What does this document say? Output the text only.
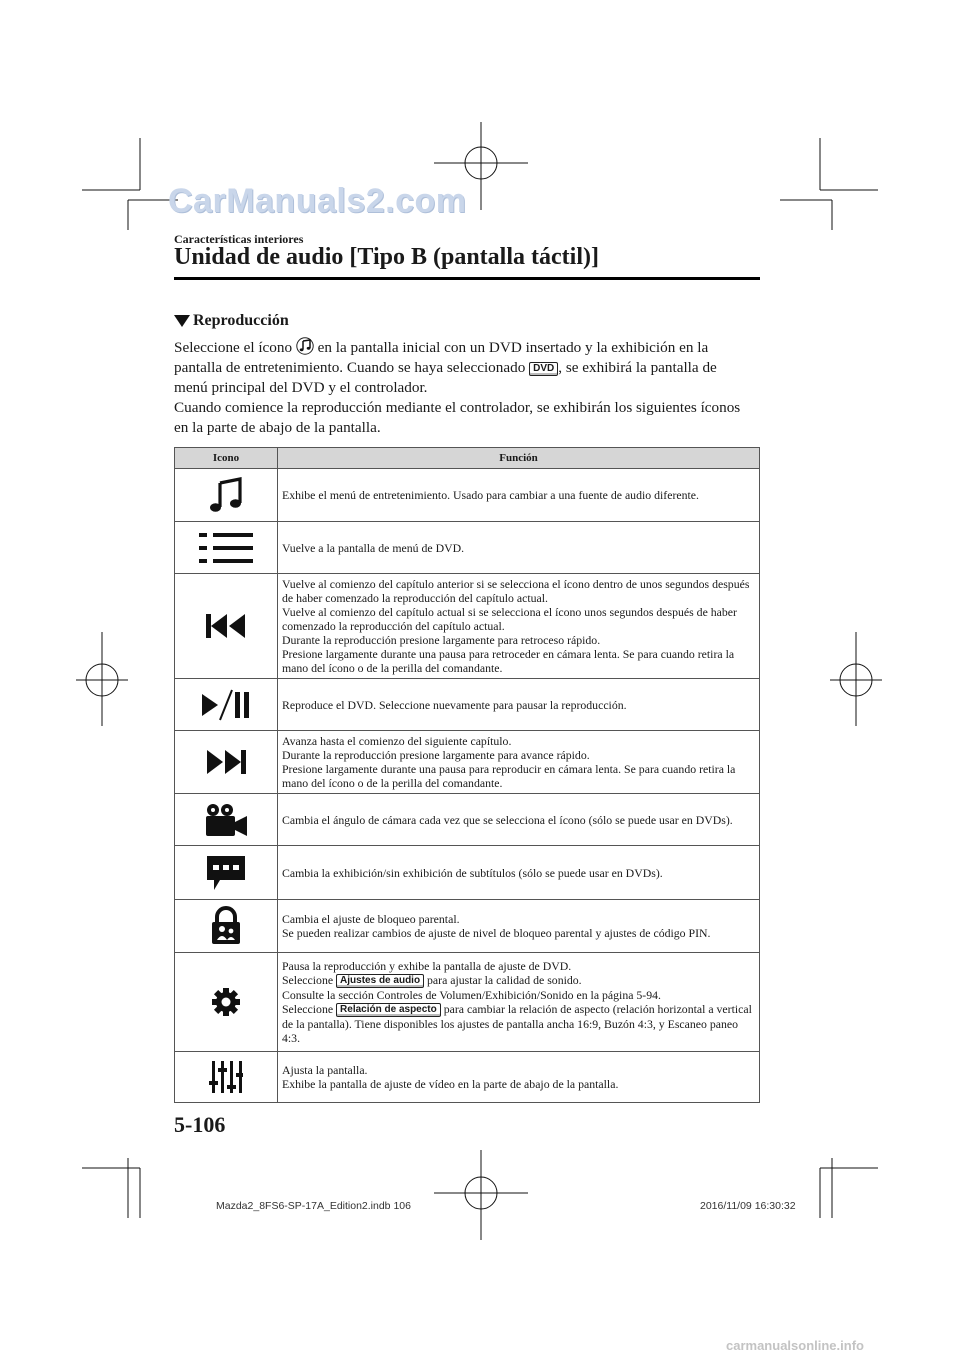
CarManuals2.com
Características interiores
Unidad de audio [Tipo B (pantalla táctil)]
Reproducción

Seleccione el ícono en la pantalla inicial con un DVD insertado y la exhibición en la pantalla de entretenimiento. Cuando se haya seleccionado DVD , se exhibirá la pantalla de menú principal del DVD y el controlador.

Cuando comience la reproducción mediante el controlador, se exhibirán los siguientes íconos en la parte de abajo de la pantalla.

Icono	Función

	Exhibe el menú de entretenimiento. Usado para cambiar a una fuente de audio diferente.

	Vuelve a la pantalla de menú de DVD.

Vuelve al comienzo del capítulo anterior si se selecciona el ícono dentro de unos segundos después de haber comenzado la reproducción del capítulo actual.
Vuelve al comienzo del capítulo actual si se selecciona el ícono unos segundos después de haber comenzado la reproducción del capítulo actual.
Durante la reproducción presione largamente para retroceso rápido.
Presione largamente durante una pausa para retroceder en cámara lenta. Se para cuando retira la mano del ícono o de la perilla del comandante.

	Reproduce el DVD. Seleccione nuevamente para pausar la reproducción.

Avanza hasta el comienzo del siguiente capítulo.
Durante la reproducción presione largamente para avance rápido.
Presione largamente durante una pausa para reproducir en cámara lenta. Se para cuando retira la mano del ícono o de la perilla del comandante.

	Cambia el ángulo de cámara cada vez que se selecciona el ícono (sólo se puede usar en DVDs).

	Cambia la exhibición/sin exhibición de subtítulos (sólo se puede usar en DVDs).

Cambia el ajuste de bloqueo parental.
Se pueden realizar cambios de ajuste de nivel de bloqueo parental y ajustes de código PIN.

Pausa la reproducción y exhibe la pantalla de ajuste de DVD.
Seleccione Ajustes de audio para ajustar la calidad de sonido.
Consulte la sección Controles de Volumen/Exhibición/Sonido en la página 5-94.
Seleccione Relación de aspecto para cambiar la relación de aspecto (relación horizontal a vertical de la pantalla). Tiene disponibles los ajustes de pantalla ancha 16:9, Buzón 4:3, y Escaneo paneo 4:3.

Ajusta la pantalla.
Exhibe la pantalla de ajuste de vídeo en la parte de abajo de la pantalla.
5-106
Mazda2_8FS6-SP-17A_Edition2.indb 106	2016/11/09 16:30:32
carmanualsonline.info
